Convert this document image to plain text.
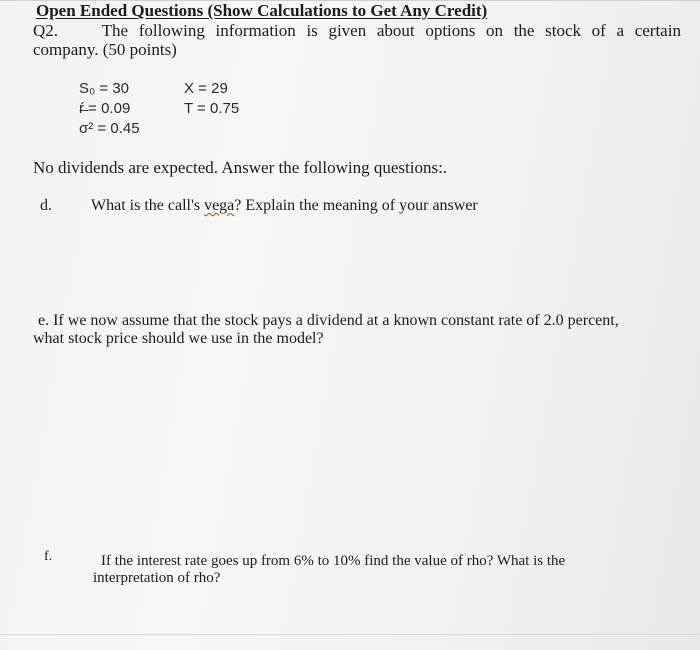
Open Ended Questions (Show Calculations to Get Any Credit)
Q2.	The following information is given about options on the stock of a certain
company. (50 points)
S₀ = 30
ŕ̶ = 0.09
σ² = 0.45
X = 29
T = 0.75
No dividends are expected. Answer the following questions:.
d. What is the call's vega? Explain the meaning of your answer
e. If we now assume that the stock pays a dividend at a known constant rate of 2.0 percent,
what stock price should we use in the model?
f.	If the interest rate goes up from 6% to 10% find the value of rho? What is the
interpretation of rho?
